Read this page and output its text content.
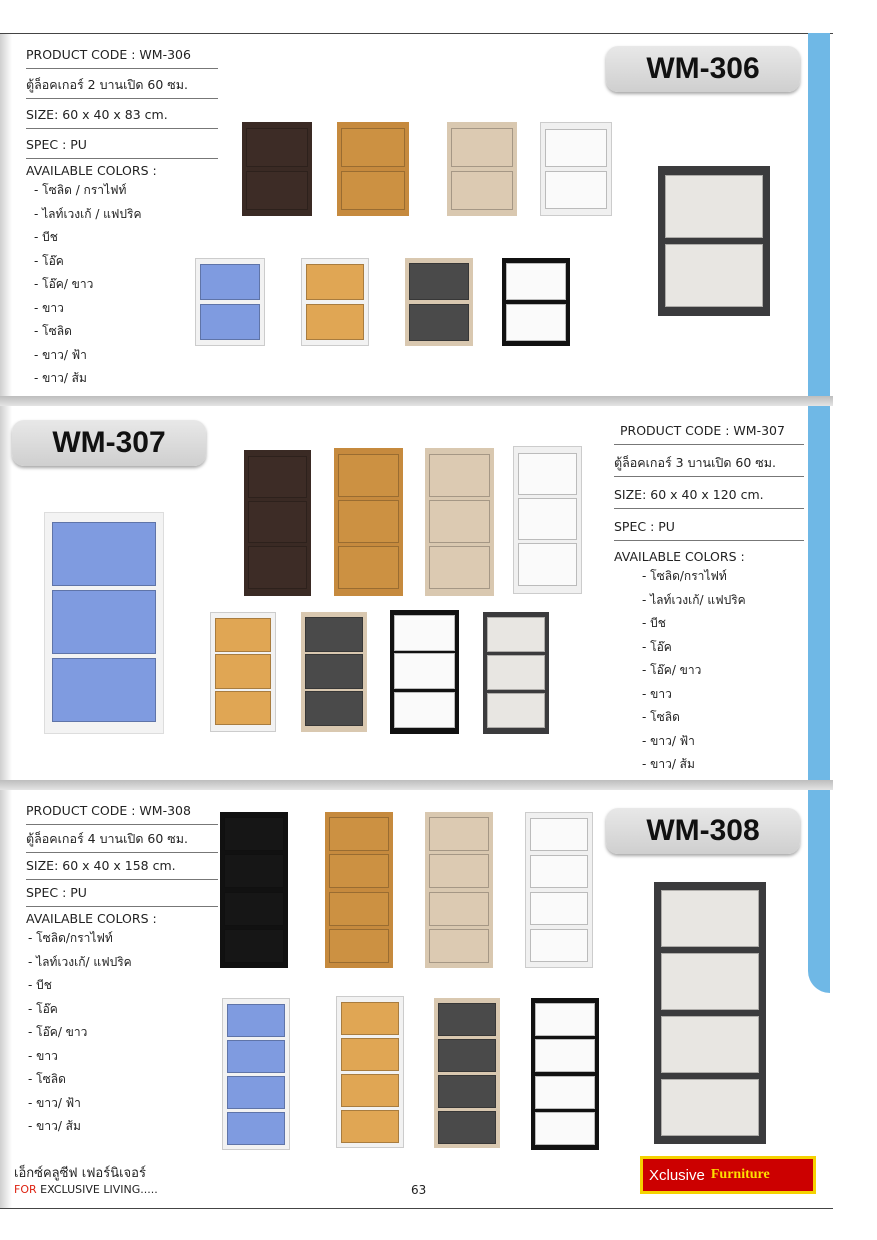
PRODUCT CODE : WM-306
ตู้ล็อคเกอร์ 2 บานเปิด 60 ซม.
SIZE: 60 x 40 x 83 cm.
SPEC : PU
AVAILABLE COLORS :
- โซลิด / กราไฟท์
- ไลท์เวงเก้ / แฟปริค
- บีช
- โอ๊ค
- โอ๊ค/ ขาว
- ขาว
- โซลิด
- ขาว/ ฟ้า
- ขาว/ ส้ม
WM-306
WM-307	PRODUCT CODE : WM-307
ตู้ล็อคเกอร์ 3 บานเปิด 60 ซม.
SIZE: 60 x 40 x 120 cm.
SPEC : PU
AVAILABLE COLORS :
- โซลิด/กราไฟท์
- ไลท์เวงเก้/ แฟปริค
- บีช
- โอ๊ค
- โอ๊ค/ ขาว
- ขาว
- โซลิด
- ขาว/ ฟ้า
- ขาว/ ส้ม
PRODUCT CODE : WM-308
ตู้ล็อคเกอร์ 4 บานเปิด 60 ซม.
SIZE: 60 x 40 x 158 cm.
SPEC : PU
AVAILABLE COLORS :
- โซลิด/กราไฟท์
- ไลท์เวงเก้/ แฟปริค
- บีช
- โอ๊ค
- โอ๊ค/ ขาว
- ขาว
- โซลิด
- ขาว/ ฟ้า
- ขาว/ ส้ม
WM-308
เอ็กซ์คลูซีฟ เฟอร์นิเจอร์
FOR EXCLUSIVE LIVING.....	63
Xclusive Furniture
